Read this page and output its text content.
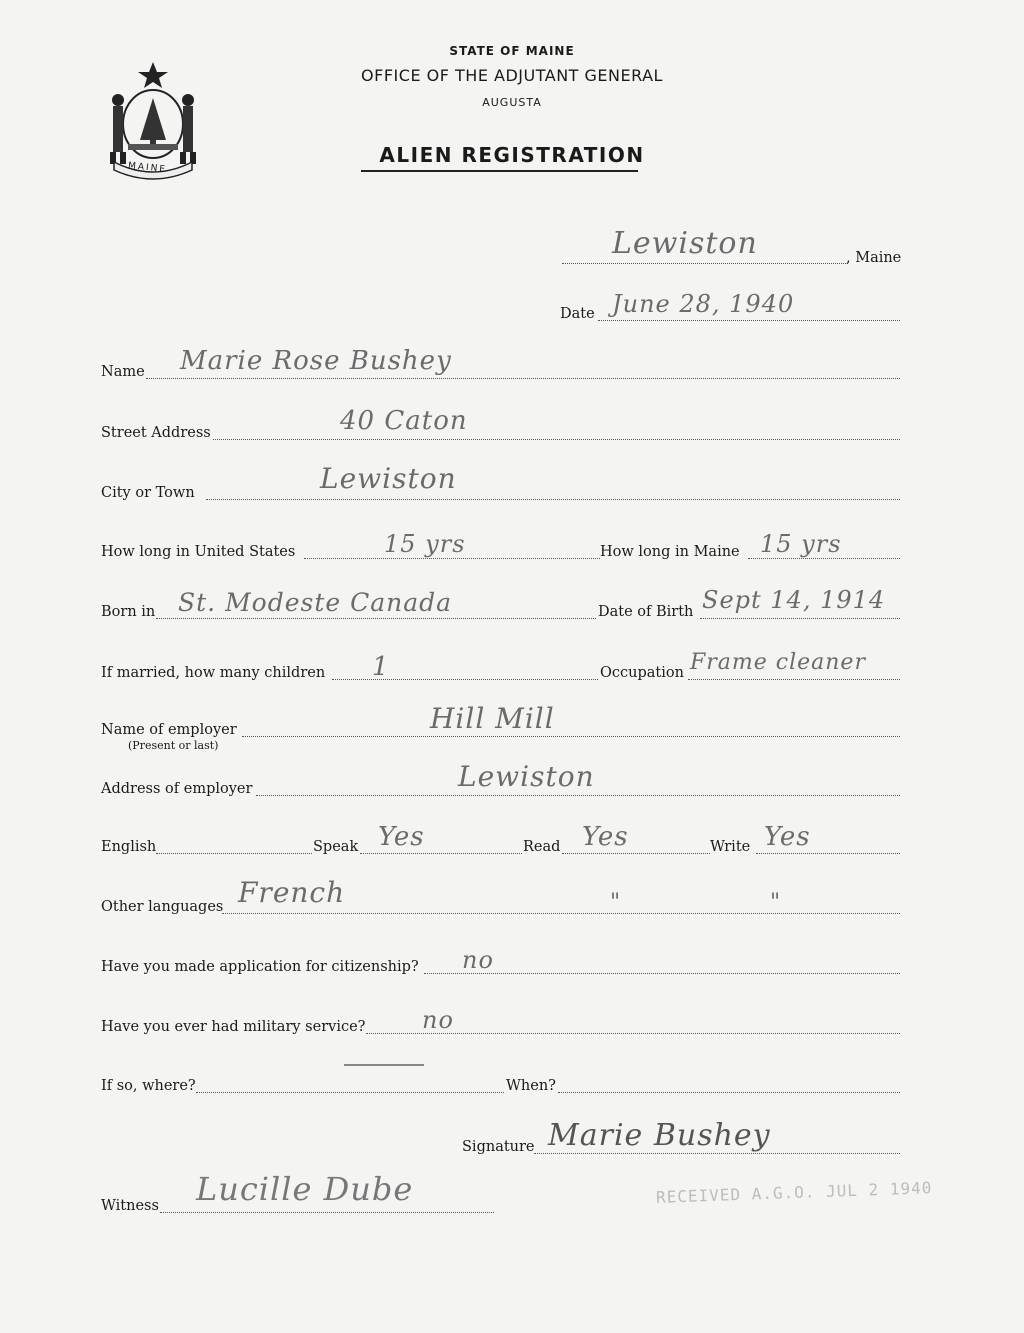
MAINE
STATE OF MAINE
OFFICE OF THE ADJUTANT GENERAL
AUGUSTA
ALIEN REGISTRATION
Lewiston	, Maine
Date June 28, 1940
Name Marie Rose Bushey
Street Address	40 Caton
City or Town	Lewiston
How long in United States	15 yrs	How long in Maine 15 yrs
Born in St. Modeste Canada	Date of Birth Sept 14, 1914
If married, how many children 1	Occupation Frame cleaner
Name of employer
(Present or last)
Hill Mill
Address of employer	Lewiston
English	Speak Yes	Read Yes	Write Yes
Other languages French	"	"
Have you made application for citizenship? no
Have you ever had military service? no
If so, where?	When?
Signature Marie Bushey
Witness Lucille Dube	RECEIVED A.G.O. JUL 2 1940
